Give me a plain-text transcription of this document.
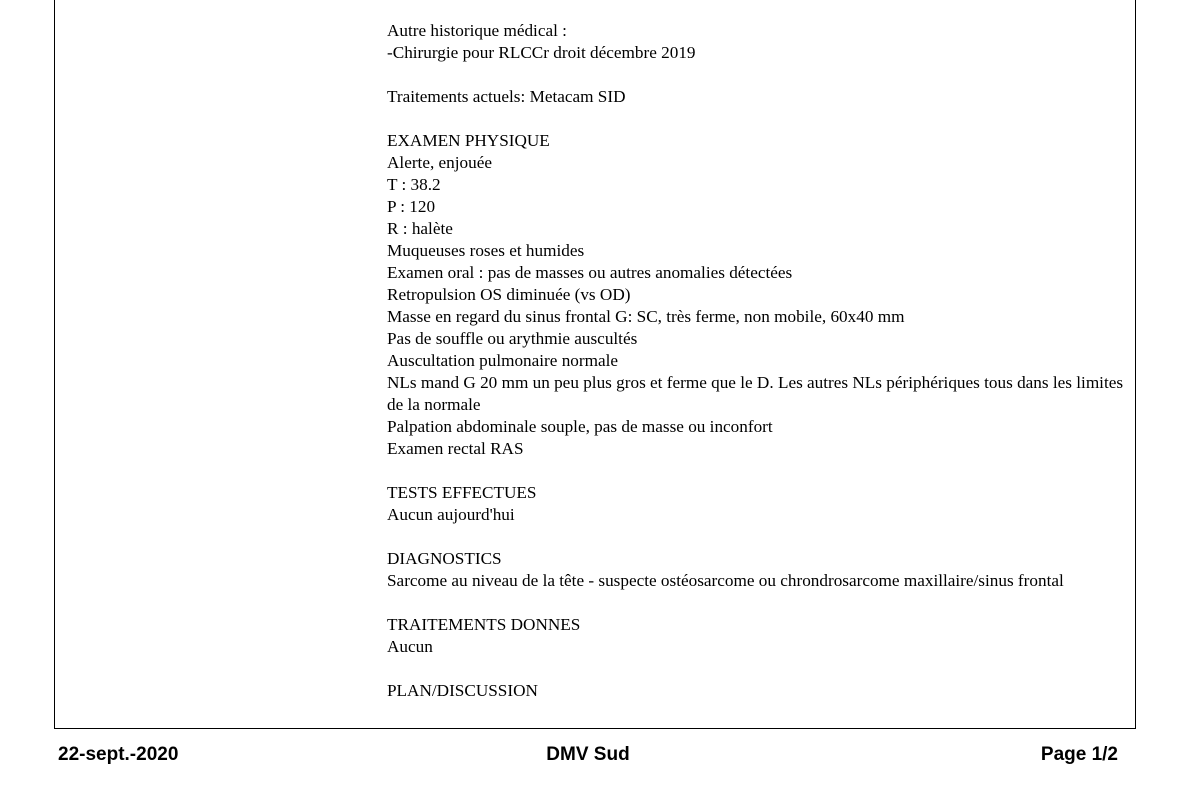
Autre historique médical :
-Chirurgie pour RLCCr droit décembre 2019
Traitements actuels: Metacam SID
EXAMEN PHYSIQUE
Alerte, enjouée
T : 38.2
P : 120
R : halète
Muqueuses roses et humides
Examen oral : pas de masses ou autres anomalies détectées
Retropulsion OS diminuée (vs OD)
Masse en regard du sinus frontal G: SC, très ferme, non mobile, 60x40 mm
Pas de souffle ou arythmie auscultés
Auscultation pulmonaire normale
NLs mand G 20 mm un peu plus gros et ferme que le D. Les autres NLs périphériques tous dans les limites de la normale
Palpation abdominale souple, pas de masse ou inconfort
Examen rectal RAS
TESTS EFFECTUES
Aucun aujourd'hui
DIAGNOSTICS
Sarcome au niveau de la tête - suspecte ostéosarcome ou chrondrosarcome maxillaire/sinus frontal
TRAITEMENTS DONNES
Aucun
PLAN/DISCUSSION
22-sept.-2020	DMV Sud	Page 1/2
